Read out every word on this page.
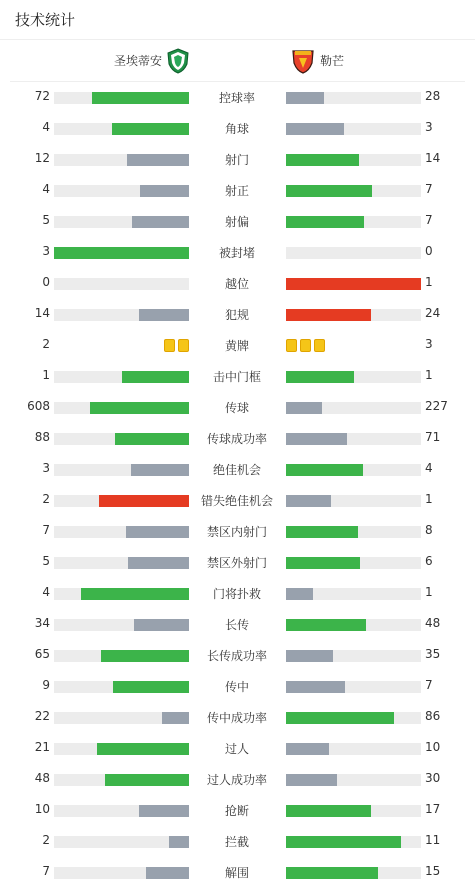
技术统计
圣埃蒂安	勒芒
72	控球率	28
4	角球	3
12	射门	14
4	射正	7
5	射偏	7
3	被封堵	0
0	越位	1
14	犯规	24
2	黄牌	3
1	击中门框	1
608	传球	227
88	传球成功率	71
3	绝佳机会	4
2	错失绝佳机会	1
7	禁区内射门	8
5	禁区外射门	6
4	门将扑救	1
34	长传	48
65	长传成功率	35
9	传中	7
22	传中成功率	86
21	过人	10
48	过人成功率	30
10	抢断	17
2	拦截	11
7	解围	15
